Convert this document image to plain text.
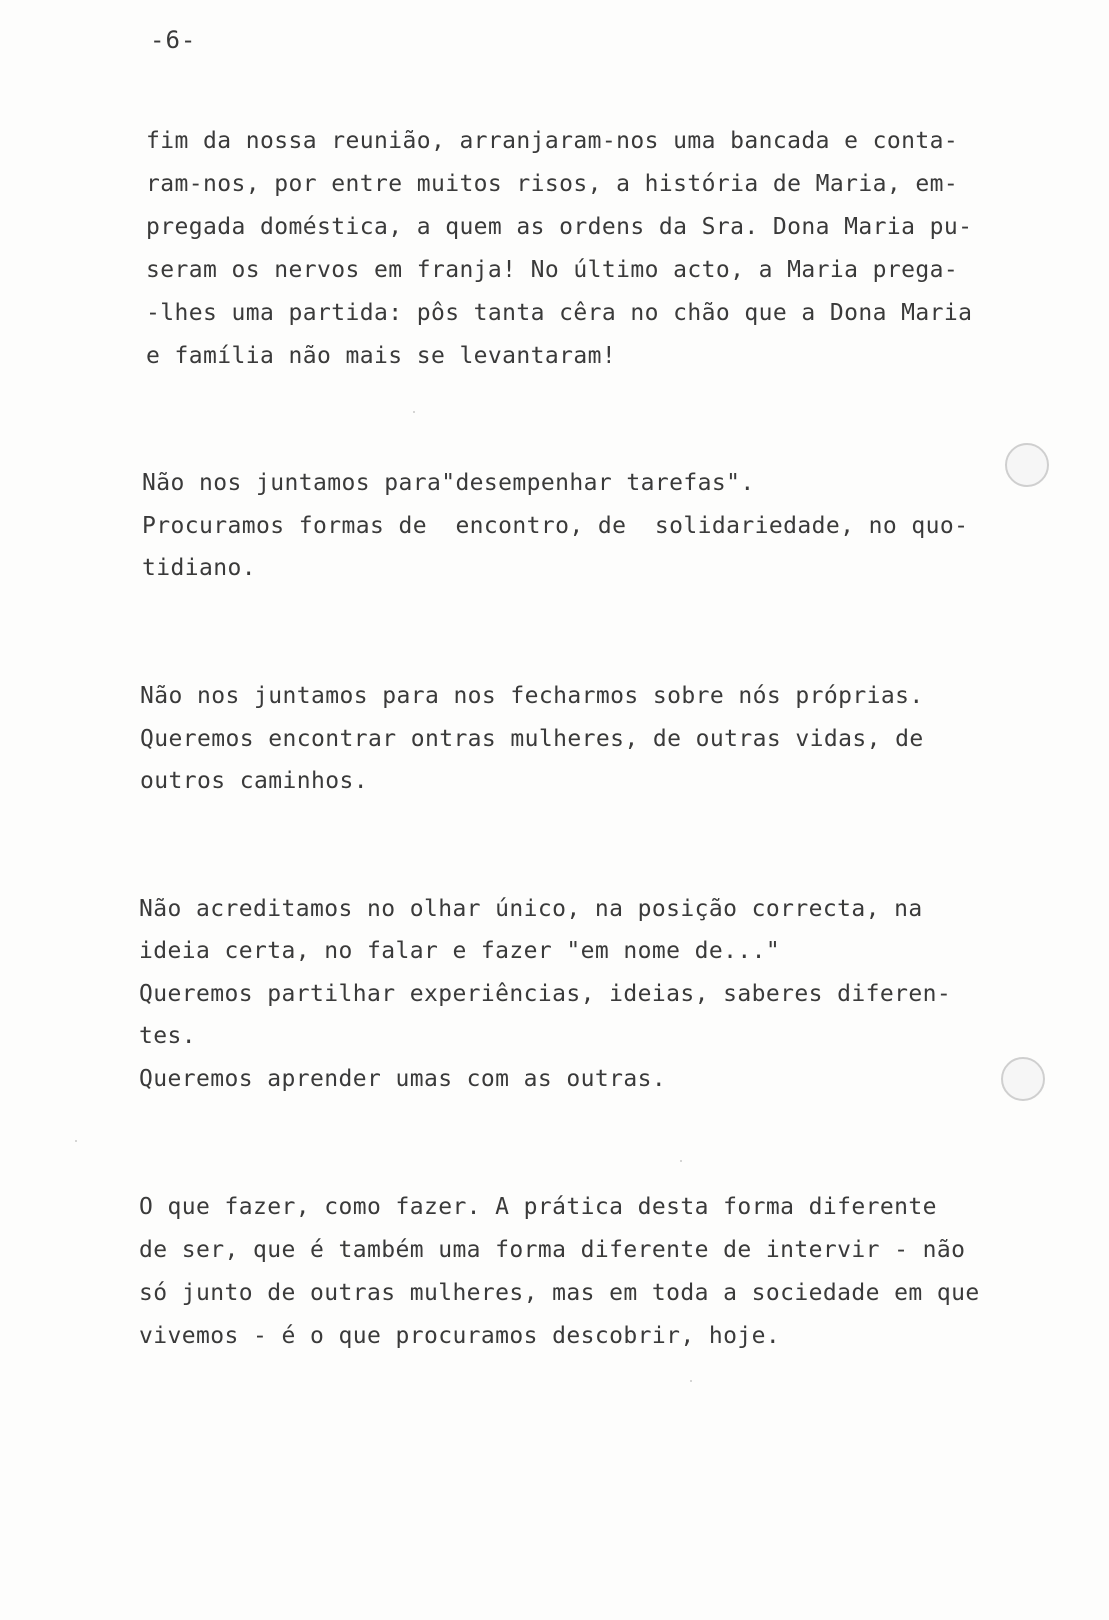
-6-
fim da nossa reunião, arranjaram-nos uma bancada e conta-
ram-nos, por entre muitos risos, a história de Maria, em-
pregada doméstica, a quem as ordens da Sra. Dona Maria pu-
seram os nervos em franja! No último acto, a Maria prega-
-lhes uma partida: pôs tanta cêra no chão que a Dona Maria
e família não mais se levantaram!
Não nos juntamos para"desempenhar tarefas".
Procuramos formas de  encontro, de  solidariedade, no quo-
tidiano.
Não nos juntamos para nos fecharmos sobre nós próprias.
Queremos encontrar ontras mulheres, de outras vidas, de
outros caminhos.
Não acreditamos no olhar único, na posição correcta, na
ideia certa, no falar e fazer "em nome de..."
Queremos partilhar experiências, ideias, saberes diferen-
tes.
Queremos aprender umas com as outras.
O que fazer, como fazer. A prática desta forma diferente
de ser, que é também uma forma diferente de intervir - não
só junto de outras mulheres, mas em toda a sociedade em que
vivemos - é o que procuramos descobrir, hoje.
